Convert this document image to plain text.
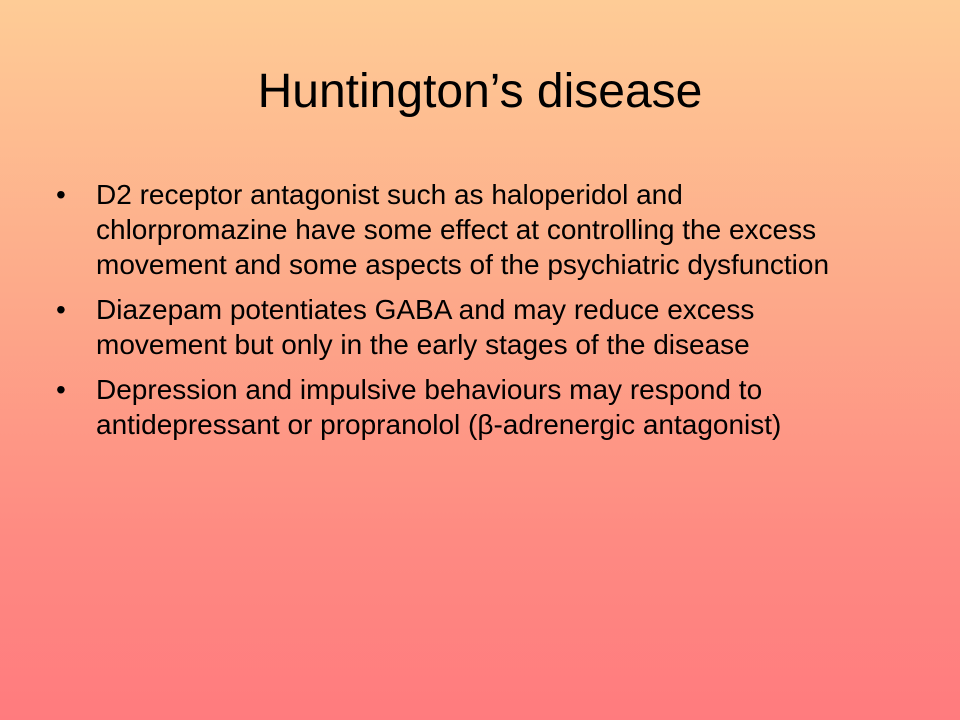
Huntington’s disease
•	D2 receptor antagonist such as haloperidol and chlorpromazine have some effect at controlling the excess movement and some aspects of the psychiatric dysfunction
•	Diazepam potentiates GABA and may reduce excess movement but only in the early stages of the disease
•	Depression and impulsive behaviours may respond to antidepressant or propranolol (β-adrenergic antagonist)
